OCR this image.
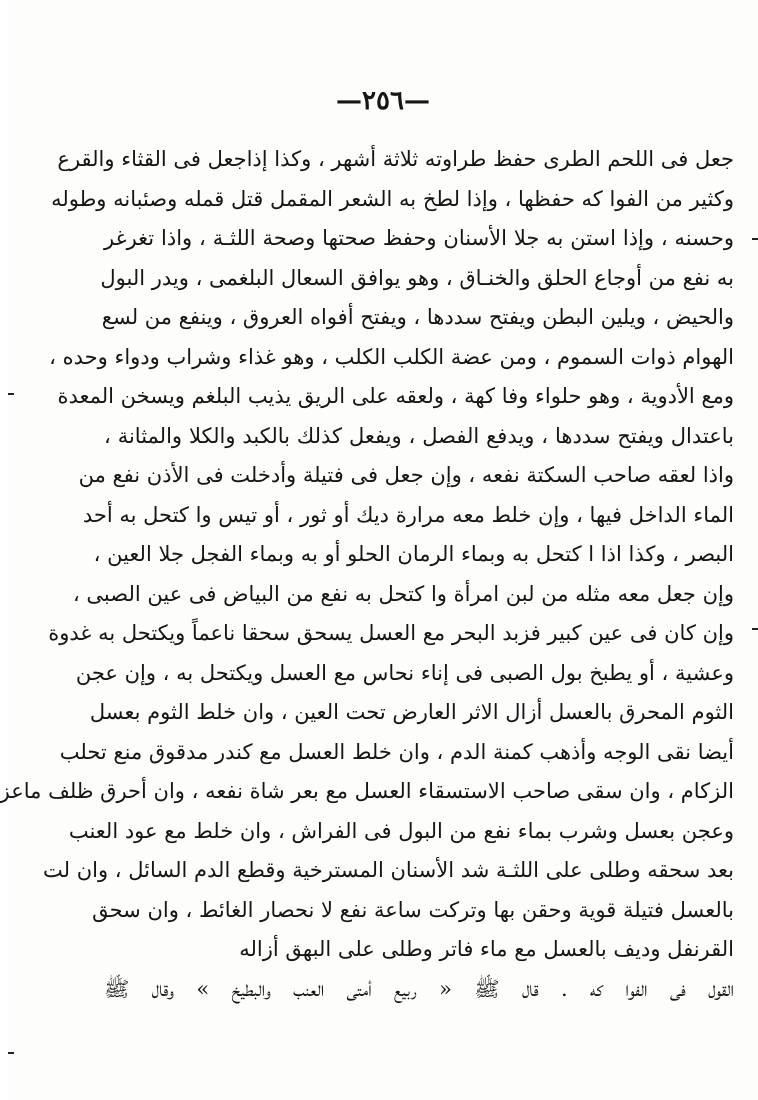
—٢٥٦—
جعل فى اللحم الطرى حفظ طراوته ثلاثة أشهر ، وكذا إذاجعل فى القثاء والقرع
وكثير من الفوا كه حفظها ، وإذا لطخ به الشعر المقمل قتل قمله وصئبانه وطوله
وحسنه ، وإذا استن به جلا الأسنان وحفظ صحتها وصحة اللثـة ، واذا تغرغر
به نفع من أوجاع الحلق والخنـاق ، وهو يوافق السعال البلغمى ، ويدر البول
والحيض ، ويلين البطن ويفتح سددها ، ويفتح أفواه العروق ، وينفع من لسع
الهوام ذوات السموم ، ومن عضة الكلب الكلب ، وهو غذاء وشراب ودواء وحده ،
ومع الأدوية ، وهو حلواء وفا كهة ، ولعقه على الريق يذيب البلغم ويسخن المعدة
باعتدال ويفتح سددها ، ويدفع الفصل ، ويفعل كذلك بالكبد والكلا والمثانة ،
واذا لعقه صاحب السكتة نفعه ، وإن جعل فى فتيلة وأدخلت فى الأذن نفع من
الماء الداخل فيها ، وإن خلط معه مرارة ديك أو ثور ، أو تيس وا كتحل به أحد
البصر ، وكذا اذا ا كتحل به وبماء الرمان الحلو أو به وبماء الفجل جلا العين ،
وإن جعل معه مثله من لبن امرأة وا كتحل به نفع من البياض فى عين الصبى ،
وإن كان فى عين كبير فزبد البحر مع العسل يسحق سحقا ناعماً ويكتحل به غدوة
وعشية ، أو يطبخ بول الصبى فى إناء نحاس مع العسل ويكتحل به ، وإن عجن
الثوم المحرق بالعسل أزال الاثر العارض تحت العين ، وان خلط الثوم بعسل
أيضا نقى الوجه وأذهب كمنة الدم ، وان خلط العسل مع كندر مدقوق منع تحلب
الزكام ، وان سقى صاحب الاستسقاء العسل مع بعر شاة نفعه ، وان أحرق ظلف ماعز
وعجن بعسل وشرب بماء نفع من البول فى الفراش ، وان خلط مع عود العنب
بعد سحقه وطلى على اللثـة شد الأسنان المسترخية وقطع الدم السائل ، وان لت
بالعسل فتيلة قوية وحقن بها وتركت ساعة نفع لا نحصار الغائط ، وان سحق
القرنفل وديف بالعسل مع ماء فاتر وطلى على البهق أزاله
القول فى الفوا كه . قال ﷺ « ربيع أمتى العنب والبطيخ » وقال ﷺ
